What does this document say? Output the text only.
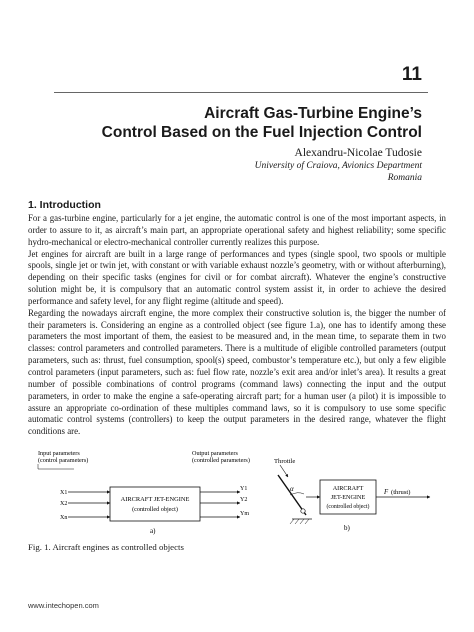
11
Aircraft Gas-Turbine Engine’s
Control Based on the Fuel Injection Control
Alexandru-Nicolae Tudosie
University of Craiova, Avionics Department
Romania
1. Introduction

For a gas-turbine engine, particularly for a jet engine, the automatic control is one of the most important aspects, in order to assure to it, as aircraft’s main part, an appropriate operational safety and highest reliability; some specific hydro-mechanical or electro-mechanical controller currently realizes this purpose.

Jet engines for aircraft are built in a large range of performances and types (single spool, two spools or multiple spools, single jet or twin jet, with constant or with variable exhaust nozzle’s geometry, with or without afterburning), depending on their specific tasks (engines for civil or for combat aircraft). Whatever the engine’s constructive solution might be, it is compulsory that an automatic control system assist it, in order to achieve the desired performance and safety level, for any flight regime (altitude and speed).

Regarding the nowadays aircraft engine, the more complex their constructive solution is, the bigger the number of their parameters is. Considering an engine as a controlled object (see figure 1.a), one has to identify among these parameters the most important of them, the easiest to be measured and, in the mean time, to separate them in two classes: control parameters and controlled parameters. There is a multitude of eligible controlled parameters (output parameters, such as: thrust, fuel consumption, spool(s) speed, combustor’s temperature etc.), but only a few eligible control parameters (input parameters, such as: fuel flow rate, nozzle’s exit area and/or inlet’s area). It results a great number of possible combinations of control programs (command laws) connecting the input and the output parameters, in order to make the engine a safe-operating aircraft part; for a human user (a pilot) it is impossible to assure an appropriate co-ordination of these multiples command laws, so it is compulsory to use some specific automatic control systems (controllers) to keep the output parameters in the desired range, whatever the flight conditions are.

Input parameters
(control parameters)
Output parameters
(controlled parameters)
AIRCRAFT JET-ENGINE
(controlled object)
X1
X2
Xn
Y1
Y2
Ym
a)
Throttle
α	AIRCRAFT
JET-ENGINE
(controlled object)
F (thrust)
b)
Fig. 1. Aircraft engines as controlled objects
www.intechopen.com
